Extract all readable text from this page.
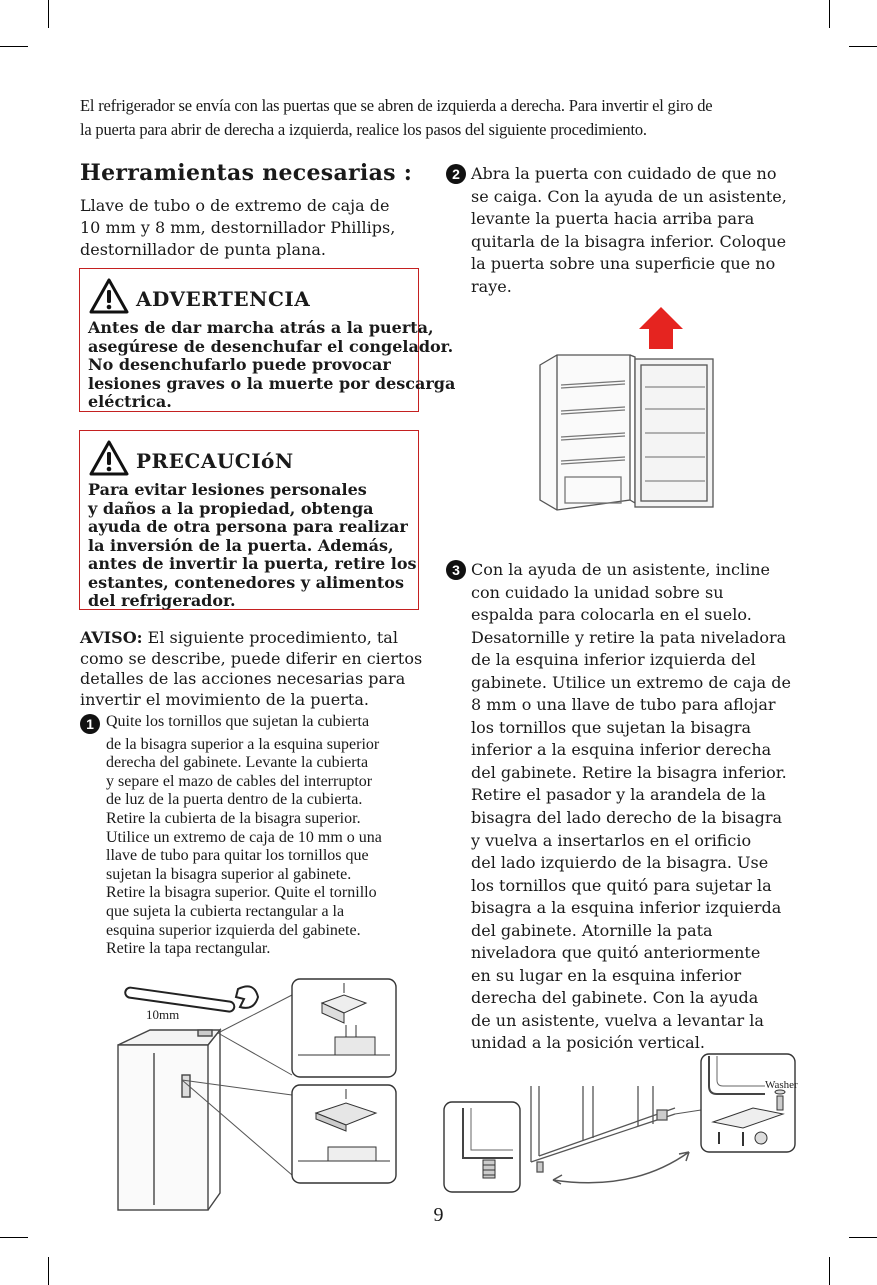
El refrigerador se envía con las puertas que se abren de izquierda a derecha. Para invertir el giro de
la puerta para abrir de derecha a izquierda, realice los pasos del siguiente procedimiento.
Herramientas necesarias :
Llave de tubo o de extremo de caja de
10 mm y 8 mm, destornillador Phillips,
destornillador de punta plana.
ADVERTENCIA
Antes de dar marcha atrás a la puerta,
asegúrese de desenchufar el congelador.
No desenchufarlo puede provocar
lesiones graves o la muerte por descarga
eléctrica.
PRECAUCIóN
Para evitar lesiones personales
y daños a la propiedad, obtenga
ayuda de otra persona para realizar
la inversión de la puerta. Además,
antes de invertir la puerta, retire los
estantes, contenedores y alimentos
del refrigerador.
AVISO: El siguiente procedimiento, tal
como se describe, puede diferir en ciertos
detalles de las acciones necesarias para
invertir el movimiento de la puerta.
1 Quite los tornillos que sujetan la cubierta
de la bisagra superior a la esquina superior
derecha del gabinete. Levante la cubierta
y separe el mazo de cables del interruptor
de luz de la puerta dentro de la cubierta.
Retire la cubierta de la bisagra superior.
Utilice un extremo de caja de 10 mm o una
llave de tubo para quitar los tornillos que
sujetan la bisagra superior al gabinete.
Retire la bisagra superior. Quite el tornillo
que sujeta la cubierta rectangular a la
esquina superior izquierda del gabinete.
Retire la tapa rectangular.
10mm
2 Abra la puerta con cuidado de que no
se caiga. Con la ayuda de un asistente,
levante la puerta hacia arriba para
quitarla de la bisagra inferior. Coloque
la puerta sobre una superficie que no
raye.
3 Con la ayuda de un asistente, incline
con cuidado la unidad sobre su
espalda para colocarla en el suelo.
Desatornille y retire la pata niveladora
de la esquina inferior izquierda del
gabinete. Utilice un extremo de caja de
8 mm o una llave de tubo para aflojar
los tornillos que sujetan la bisagra
inferior a la esquina inferior derecha
del gabinete. Retire la bisagra inferior.
Retire el pasador y la arandela de la
bisagra del lado derecho de la bisagra
y vuelva a insertarlos en el orificio
del lado izquierdo de la bisagra. Use
los tornillos que quitó para sujetar la
bisagra a la esquina inferior izquierda
del gabinete. Atornille la pata
niveladora que quitó anteriormente
en su lugar en la esquina inferior
derecha del gabinete. Con la ayuda
de un asistente, vuelva a levantar la
unidad a la posición vertical.
Washer
9
